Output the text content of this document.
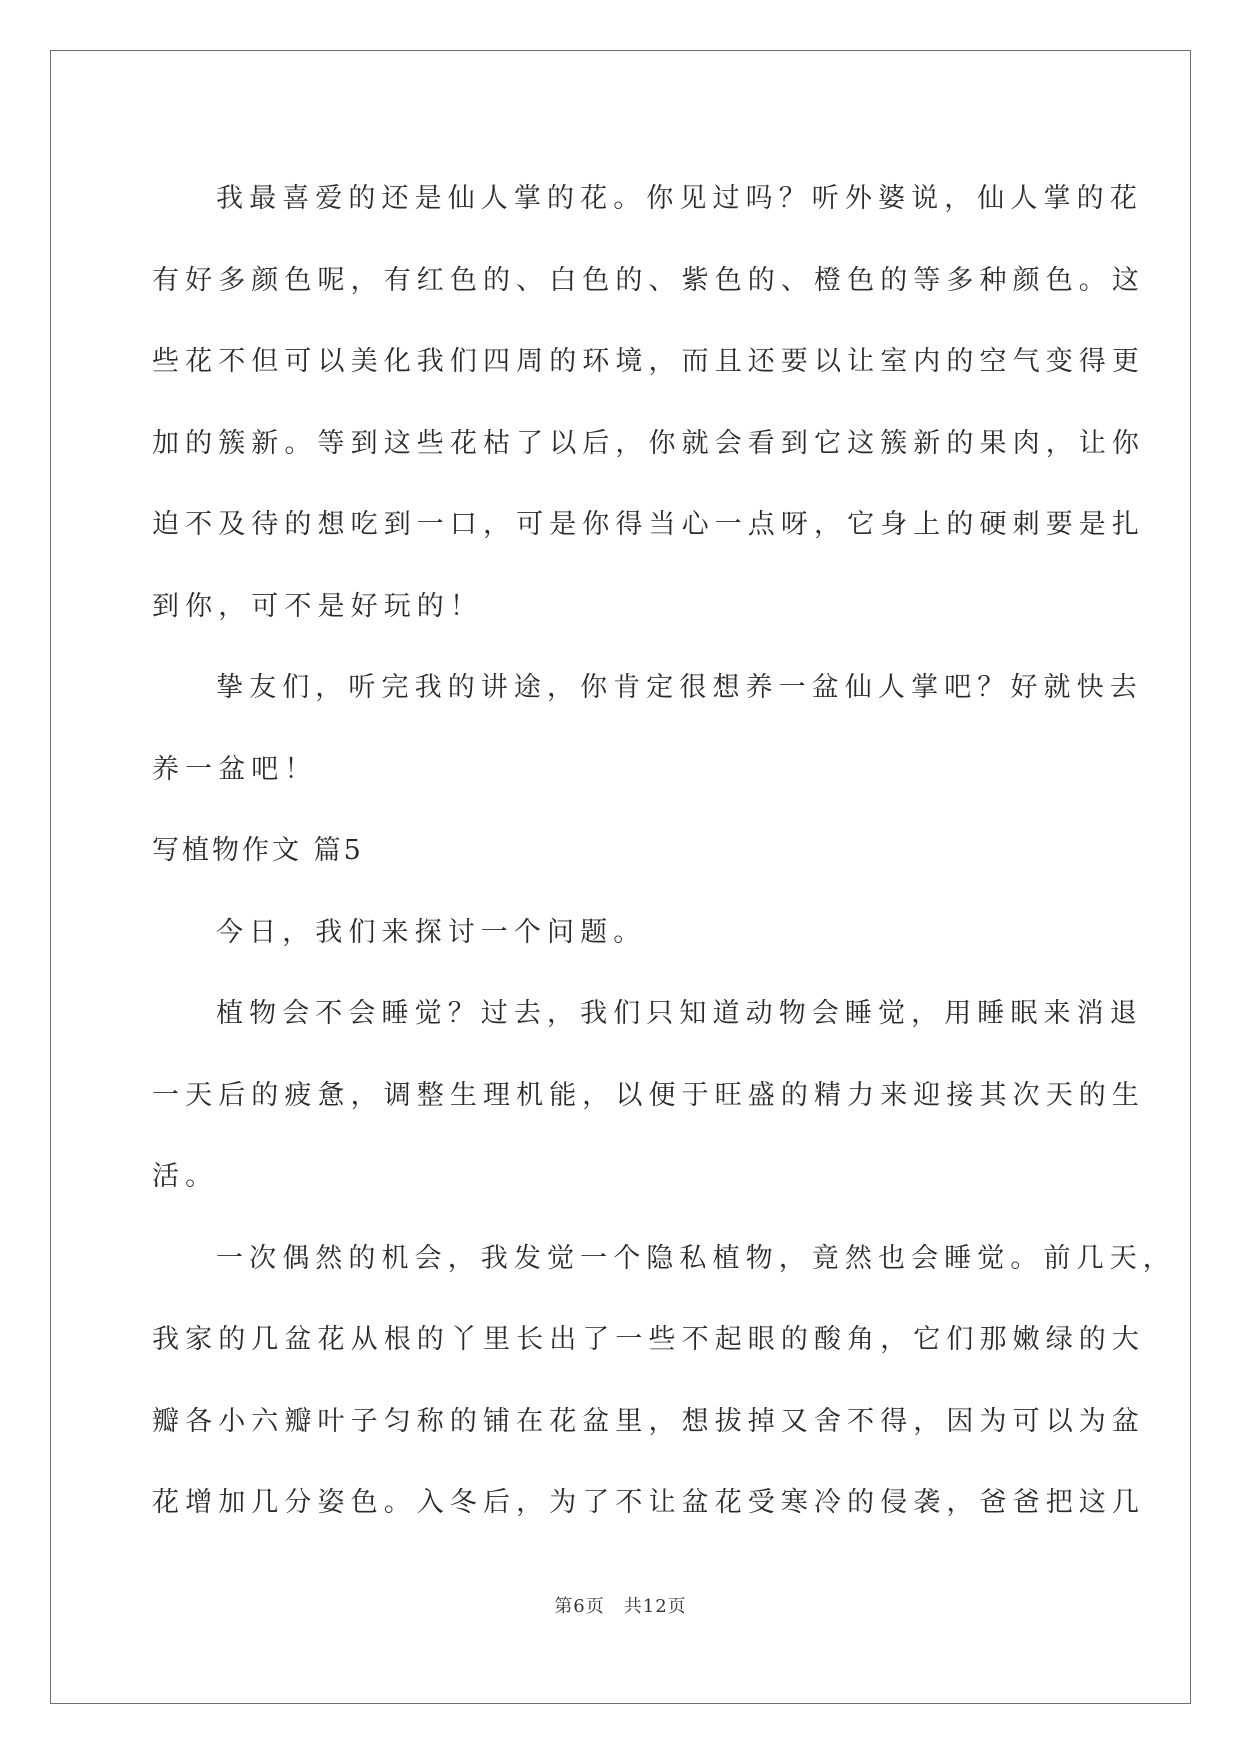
我最喜爱的还是仙人掌的花。你见过吗？听外婆说，仙人掌的花
有好多颜色呢，有红色的、白色的、紫色的、橙色的等多种颜色。这
些花不但可以美化我们四周的环境，而且还要以让室内的空气变得更
加的簇新。等到这些花枯了以后，你就会看到它这簇新的果肉，让你
迫不及待的想吃到一口，可是你得当心一点呀，它身上的硬刺要是扎
到你，可不是好玩的！
挚友们，听完我的讲途，你肯定很想养一盆仙人掌吧？好就快去
养一盆吧！
写植物作文 篇5
今日，我们来探讨一个问题。
植物会不会睡觉？过去，我们只知道动物会睡觉，用睡眠来消退
一天后的疲惫，调整生理机能，以便于旺盛的精力来迎接其次天的生
活。
一次偶然的机会，我发觉一个隐私植物，竟然也会睡觉。前几天，
我家的几盆花从根的丫里长出了一些不起眼的酸角，它们那嫩绿的大
瓣各小六瓣叶子匀称的铺在花盆里，想拔掉又舍不得，因为可以为盆
花增加几分姿色。入冬后，为了不让盆花受寒冷的侵袭，爸爸把这几
第6页　共12页
